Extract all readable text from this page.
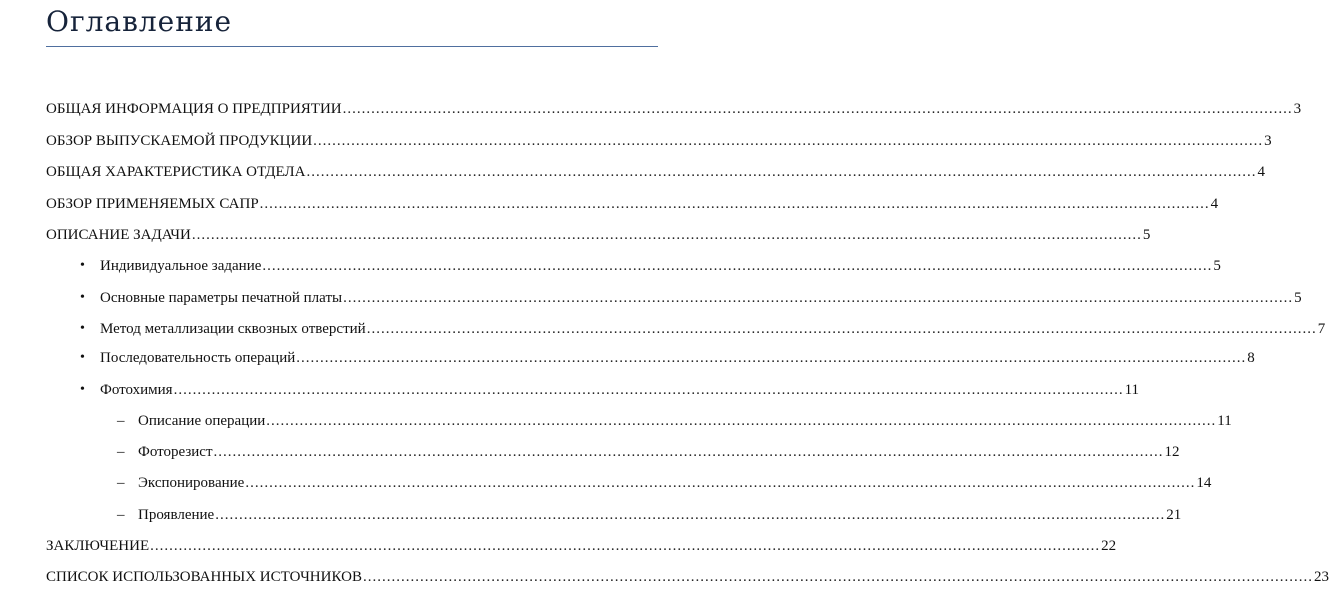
Оглавление
ОБЩАЯ ИНФОРМАЦИЯ О ПРЕДПРИЯТИИ ........................................................................................................................................................................................................ 3
ОБЗОР ВЫПУСКАЕМОЙ ПРОДУКЦИИ ........................................................................................................................................................................................................ 3
ОБЩАЯ ХАРАКТЕРИСТИКА ОТДЕЛА ........................................................................................................................................................................................................ 4
ОБЗОР ПРИМЕНЯЕМЫХ САПР ........................................................................................................................................................................................................ 4
ОПИСАНИЕ ЗАДАЧИ ........................................................................................................................................................................................................ 5
• Индивидуальное задание ........................................................................................................................................................................................................ 5
• Основные параметры печатной платы ........................................................................................................................................................................................................ 5
• Метод металлизации сквозных отверстий ........................................................................................................................................................................................................ 7
• Последовательность операций ........................................................................................................................................................................................................ 8
• Фотохимия ........................................................................................................................................................................................................ 11
– Описание операции ........................................................................................................................................................................................................ 11
– Фоторезист ........................................................................................................................................................................................................ 12
– Экспонирование ........................................................................................................................................................................................................ 14
– Проявление ........................................................................................................................................................................................................ 21
ЗАКЛЮЧЕНИЕ ........................................................................................................................................................................................................ 22
СПИСОК ИСПОЛЬЗОВАННЫХ ИСТОЧНИКОВ ........................................................................................................................................................................................................ 23
